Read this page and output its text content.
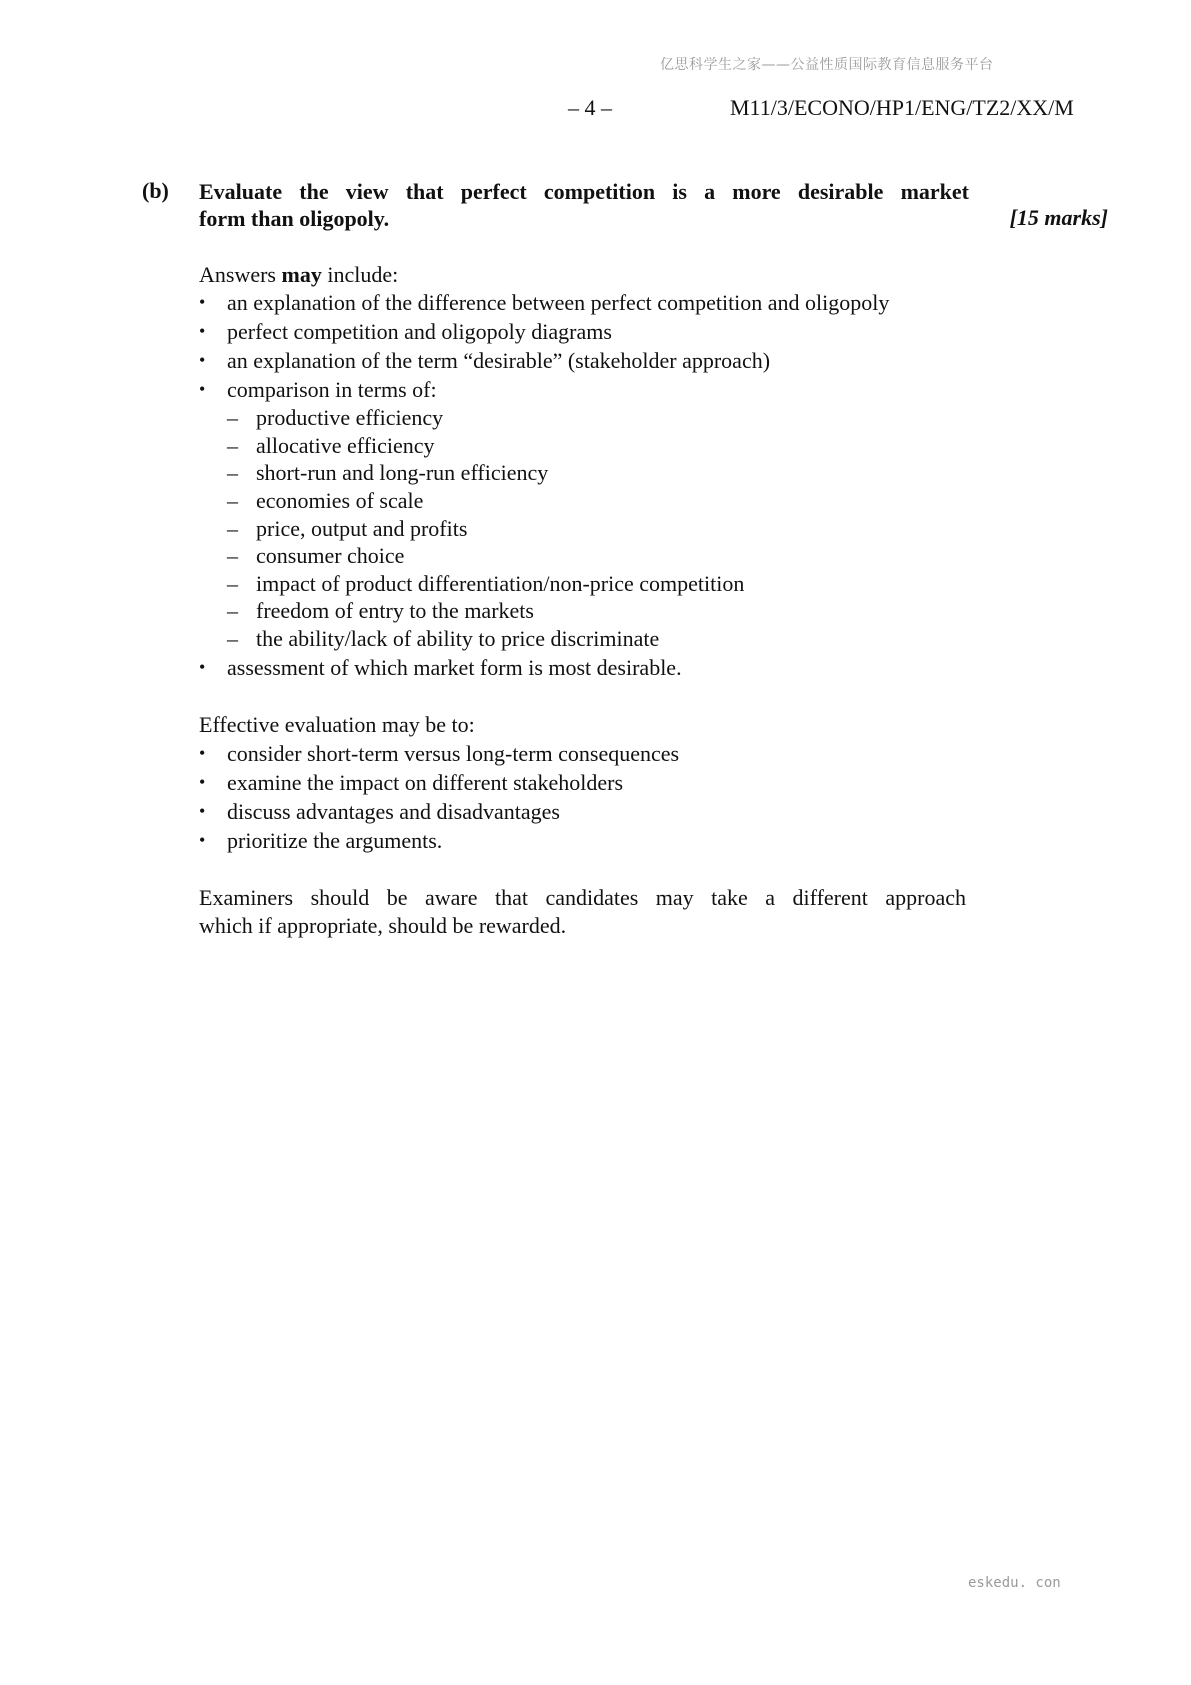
亿思科学生之家——公益性质国际教育信息服务平台
– 4 –	M11/3/ECONO/HP1/ENG/TZ2/XX/M
(b) Evaluate the view that perfect competition is a more desirable market
form than oligopoly.	[15 marks]
Answers may include:
• an explanation of the difference between perfect competition and oligopoly
• perfect competition and oligopoly diagrams
• an explanation of the term “desirable” (stakeholder approach)
• comparison in terms of:
– productive efficiency
– allocative efficiency
– short-run and long-run efficiency
– economies of scale
– price, output and profits
– consumer choice
– impact of product differentiation/non-price competition
– freedom of entry to the markets
– the ability/lack of ability to price discriminate
• assessment of which market form is most desirable.
Effective evaluation may be to:
• consider short-term versus long-term consequences
• examine the impact on different stakeholders
• discuss advantages and disadvantages
• prioritize the arguments.
Examiners should be aware that candidates may take a different approach
which if appropriate, should be rewarded.
eskedu. con
